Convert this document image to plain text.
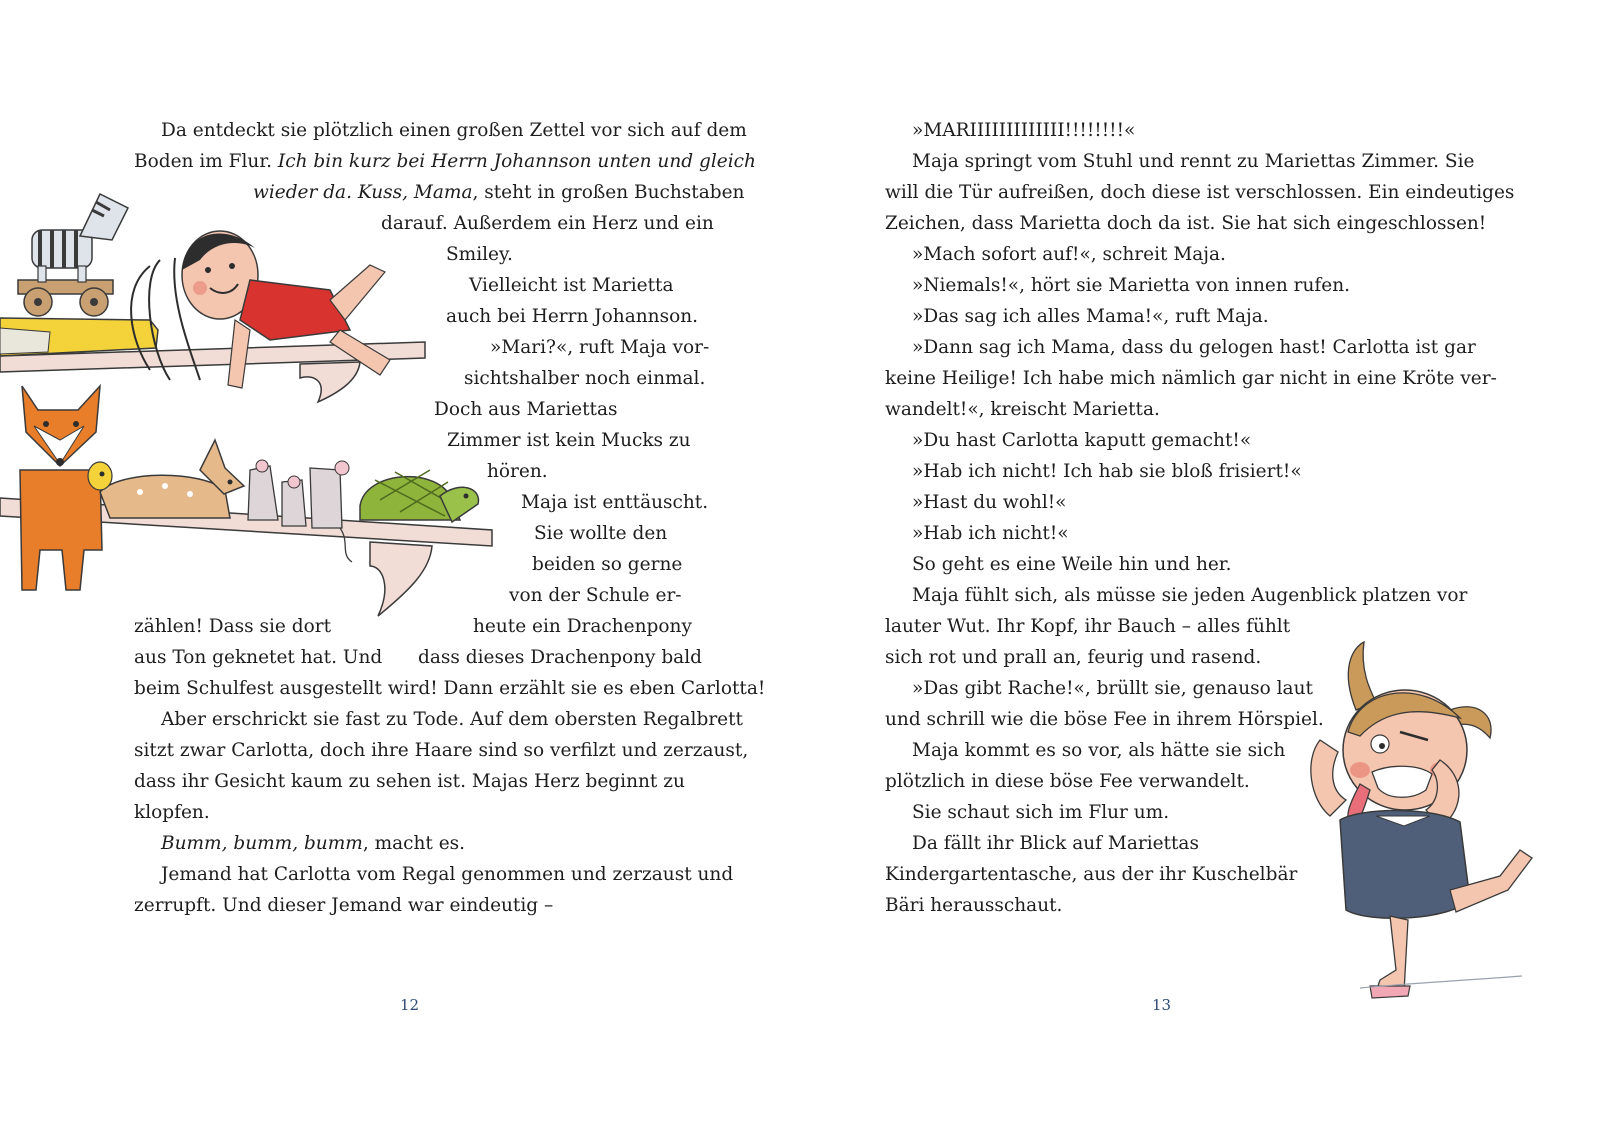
Da entdeckt sie plötzlich einen großen Zettel vor sich auf dem
Boden im Flur. Ich bin kurz bei Herrn Johannson unten und gleich
wieder da. Kuss, Mama, steht in großen Buchstaben
darauf. Außerdem ein Herz und ein
Smiley.
Vielleicht ist Marietta
auch bei Herrn Johannson.
»Mari?«, ruft Maja vor-
sichtshalber noch einmal.
Doch aus Mariettas
Zimmer ist kein Mucks zu
hören.
Maja ist enttäuscht.
Sie wollte den
beiden so gerne
von der Schule er-
zählen! Dass sie dort	heute ein Drachenpony
aus Ton geknetet hat. Und dass dieses Drachenpony bald
beim Schulfest ausgestellt wird! Dann erzählt sie es eben Carlotta!
Aber erschrickt sie fast zu Tode. Auf dem obersten Regalbrett
sitzt zwar Carlotta, doch ihre Haare sind so verfilzt und zerzaust,
dass ihr Gesicht kaum zu sehen ist. Majas Herz beginnt zu
klopfen.
Bumm, bumm, bumm, macht es.
Jemand hat Carlotta vom Regal genommen und zerzaust und
zerrupft. Und dieser Jemand war eindeutig –
12
»MARIIIIIIIIIIIII!!!!!!!!«
Maja springt vom Stuhl und rennt zu Mariettas Zimmer. Sie
will die Tür aufreißen, doch diese ist verschlossen. Ein eindeutiges
Zeichen, dass Marietta doch da ist. Sie hat sich eingeschlossen!
»Mach sofort auf!«, schreit Maja.
»Niemals!«, hört sie Marietta von innen rufen.
»Das sag ich alles Mama!«, ruft Maja.
»Dann sag ich Mama, dass du gelogen hast! Carlotta ist gar
keine Heilige! Ich habe mich nämlich gar nicht in eine Kröte ver-
wandelt!«, kreischt Marietta.
»Du hast Carlotta kaputt gemacht!«
»Hab ich nicht! Ich hab sie bloß frisiert!«
»Hast du wohl!«
»Hab ich nicht!«
So geht es eine Weile hin und her.
Maja fühlt sich, als müsse sie jeden Augenblick platzen vor
lauter Wut. Ihr Kopf, ihr Bauch – alles fühlt
sich rot und prall an, feurig und rasend.
»Das gibt Rache!«, brüllt sie, genauso laut
und schrill wie die böse Fee in ihrem Hörspiel.
Maja kommt es so vor, als hätte sie sich
plötzlich in diese böse Fee verwandelt.
Sie schaut sich im Flur um.
Da fällt ihr Blick auf Mariettas
Kindergartentasche, aus der ihr Kuschelbär
Bäri herausschaut.
13
